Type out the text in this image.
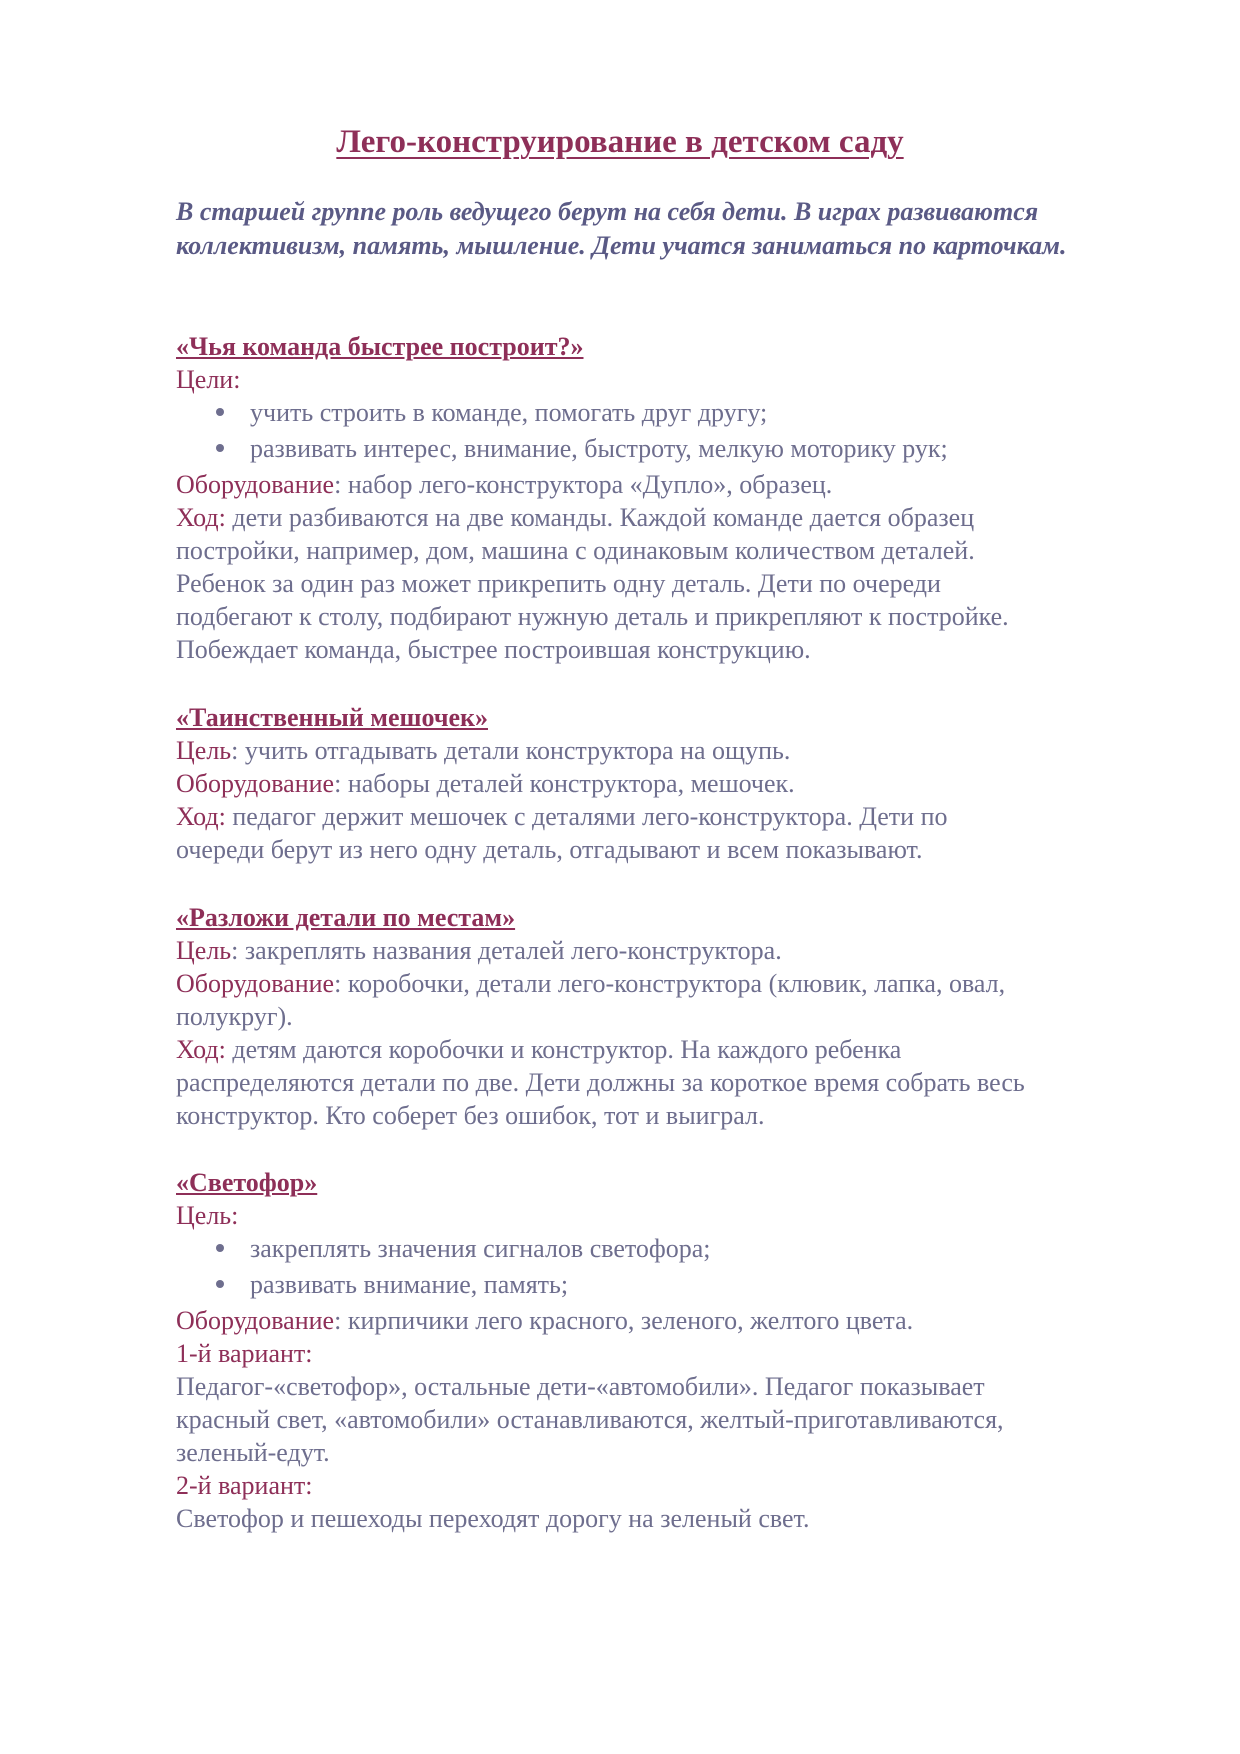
Лего-конструирование в детском саду

В старшей группе роль ведущего берут на себя дети. В играх развиваются коллективизм, память, мышление. Дети учатся заниматься по карточкам.

«Чья команда быстрее построит?»

Цели:

учить строить в команде, помогать друг другу;

развивать интерес, внимание, быстроту, мелкую моторику рук;

Оборудование: набор лего-конструктора «Дупло», образец.

Ход: дети разбиваются на две команды. Каждой команде дается образец

постройки, например, дом, машина с одинаковым количеством деталей.

Ребенок за один раз может прикрепить одну деталь. Дети по очереди

подбегают к столу, подбирают нужную деталь и прикрепляют к постройке.

Побеждает команда, быстрее построившая конструкцию.

«Таинственный мешочек»

Цель: учить отгадывать детали конструктора на ощупь.

Оборудование: наборы деталей конструктора, мешочек.

Ход: педагог держит мешочек с деталями лего-конструктора. Дети по

очереди берут из него одну деталь, отгадывают и всем показывают.

«Разложи детали по местам»

Цель: закреплять названия деталей лего-конструктора.

Оборудование: коробочки, детали лего-конструктора (клювик, лапка, овал,

полукруг).

Ход: детям даются коробочки и конструктор. На каждого ребенка

распределяются детали по две. Дети должны за короткое время собрать весь

конструктор. Кто соберет без ошибок, тот и выиграл.

«Светофор»

Цель:

закреплять значения сигналов светофора;

развивать внимание, память;

Оборудование: кирпичики лего красного, зеленого, желтого цвета.

1-й вариант:

Педагог-«светофор», остальные дети-«автомобили». Педагог показывает

красный свет, «автомобили» останавливаются, желтый-приготавливаются,

зеленый-едут.

2-й вариант:

Светофор и пешеходы переходят дорогу на зеленый свет.
